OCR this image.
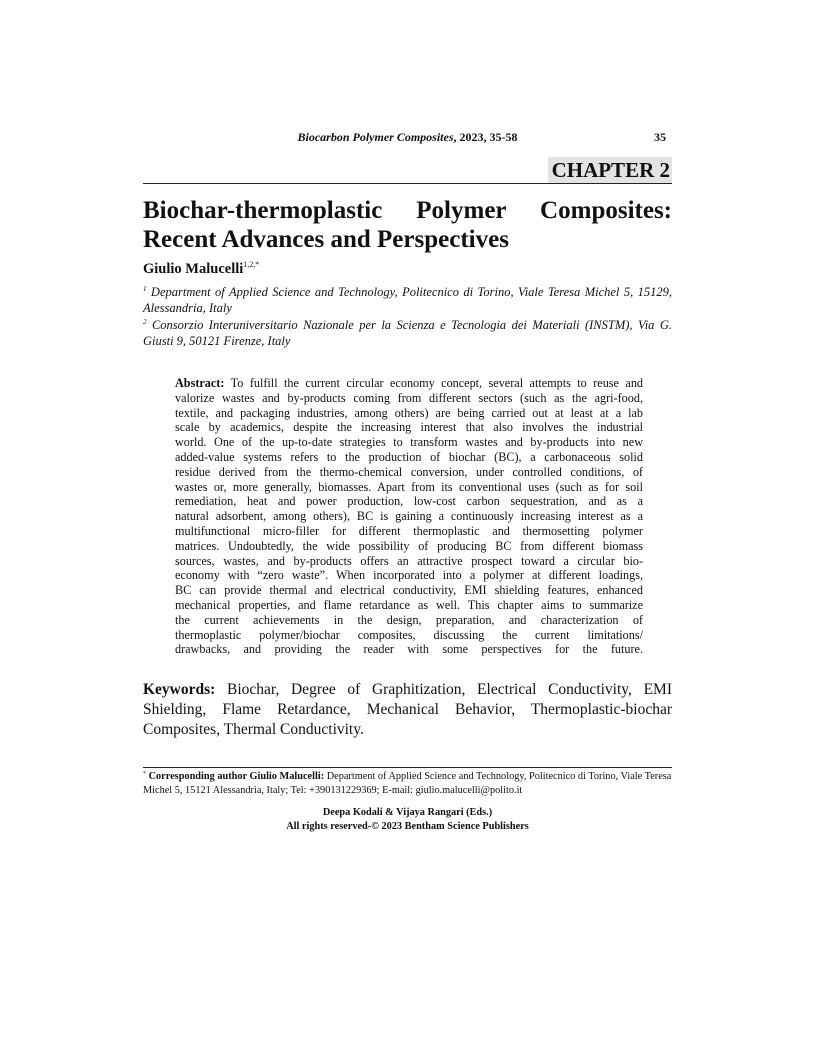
Biocarbon Polymer Composites, 2023, 35-58	35
CHAPTER 2
Biochar-thermoplastic Polymer Composites:
Recent Advances and Perspectives
Giulio Malucelli$^{1,2,*}$
$^1$ Department of Applied Science and Technology, Politecnico di Torino, Viale Teresa Michel 5, 15129, Alessandria, Italy
$^2$ Consorzio Interuniversitario Nazionale per la Scienza e Tecnologia dei Materiali (INSTM), Via G. Giusti 9, 50121 Firenze, Italy
Abstract: To fulfill the current circular economy concept, several attempts to reuse and
valorize wastes and by-products coming from different sectors (such as the agri-food,
textile, and packaging industries, among others) are being carried out at least at a lab
scale by academics, despite the increasing interest that also involves the industrial
world. One of the up-to-date strategies to transform wastes and by-products into new
added-value systems refers to the production of biochar (BC), a carbonaceous solid
residue derived from the thermo-chemical conversion, under controlled conditions, of
wastes or, more generally, biomasses. Apart from its conventional uses (such as for soil
remediation, heat and power production, low-cost carbon sequestration, and as a
natural adsorbent, among others), BC is gaining a continuously increasing interest as a
multifunctional micro-filler for different thermoplastic and thermosetting polymer
matrices. Undoubtedly, the wide possibility of producing BC from different biomass
sources, wastes, and by-products offers an attractive prospect toward a circular bio-
economy with “zero waste”. When incorporated into a polymer at different loadings,
BC can provide thermal and electrical conductivity, EMI shielding features, enhanced
mechanical properties, and flame retardance as well. This chapter aims to summarize
the current achievements in the design, preparation, and characterization of
thermoplastic polymer/biochar composites, discussing the current limitations/
drawbacks, and providing the reader with some perspectives for the future.
Keywords: Biochar, Degree of Graphitization, Electrical Conductivity, EMI
Shielding, Flame Retardance, Mechanical Behavior, Thermoplastic-biochar
Composites, Thermal Conductivity.
* Corresponding author Giulio Malucelli: Department of Applied Science and Technology, Politecnico di Torino, Viale Teresa Michel 5, 15121 Alessandria, Italy; Tel: +390131229369; E-mail: giulio.malucelli@polito.it
Deepa Kodali & Vijaya Rangari (Eds.)
All rights reserved-© 2023 Bentham Science Publishers
